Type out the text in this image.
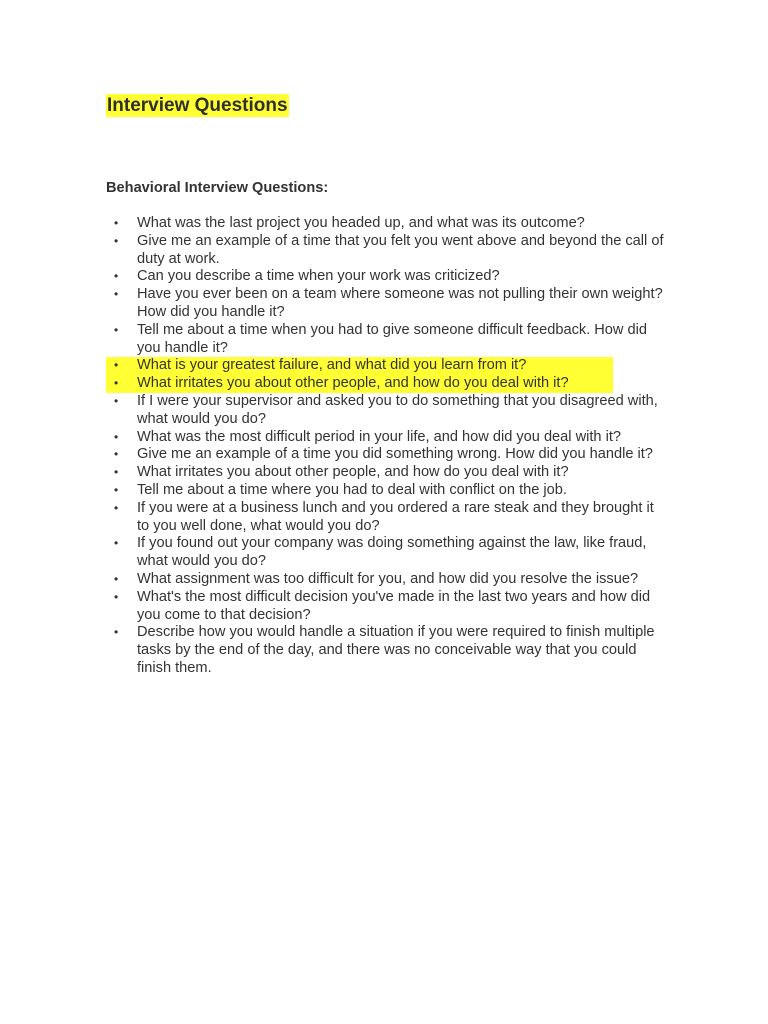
Interview Questions
Behavioral Interview Questions:
• What was the last project you headed up, and what was its outcome?
• Give me an example of a time that you felt you went above and beyond the call of duty at work.
• Can you describe a time when your work was criticized?
• Have you ever been on a team where someone was not pulling their own weight? How did you handle it?
• Tell me about a time when you had to give someone difficult feedback. How did you handle it?
• What is your greatest failure, and what did you learn from it?
• What irritates you about other people, and how do you deal with it?
• If I were your supervisor and asked you to do something that you disagreed with, what would you do?
• What was the most difficult period in your life, and how did you deal with it?
• Give me an example of a time you did something wrong. How did you handle it?
• What irritates you about other people, and how do you deal with it?
• Tell me about a time where you had to deal with conflict on the job.
• If you were at a business lunch and you ordered a rare steak and they brought it to you well done, what would you do?
• If you found out your company was doing something against the law, like fraud, what would you do?
• What assignment was too difficult for you, and how did you resolve the issue?
• What's the most difficult decision you've made in the last two years and how did you come to that decision?
• Describe how you would handle a situation if you were required to finish multiple tasks by the end of the day, and there was no conceivable way that you could finish them.
